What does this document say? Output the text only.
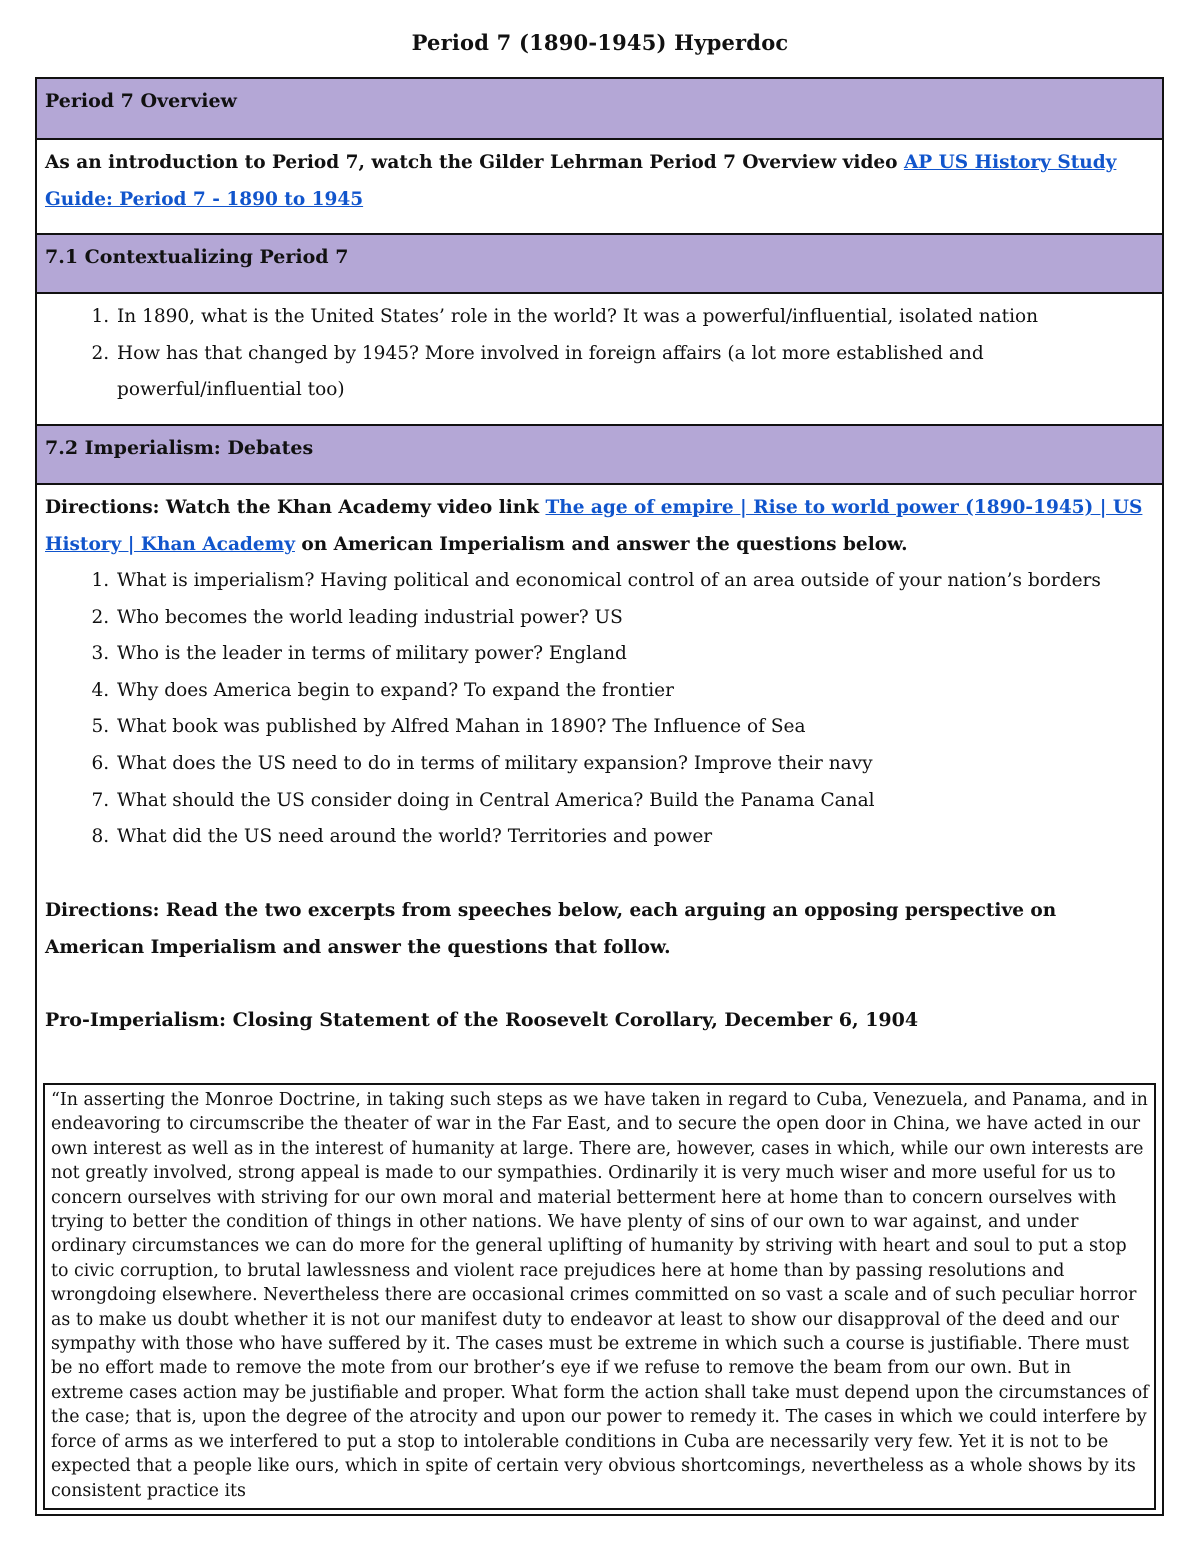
Period 7 (1890-1945) Hyperdoc
Period 7 Overview
As an introduction to Period 7, watch the Gilder Lehrman Period 7 Overview video AP US History Study Guide: Period 7 - 1890 to 1945
7.1 Contextualizing Period 7
1. In 1890, what is the United States’ role in the world? It was a powerful/influential, isolated nation
2. How has that changed by 1945? More involved in foreign affairs (a lot more established and powerful/influential too)
7.2 Imperialism: Debates
Directions: Watch the Khan Academy video link The age of empire | Rise to world power (1890-1945) | US History | Khan Academy on American Imperialism and answer the questions below.
1. What is imperialism? Having political and economical control of an area outside of your nation’s borders
2. Who becomes the world leading industrial power? US
3. Who is the leader in terms of military power? England
4. Why does America begin to expand? To expand the frontier
5. What book was published by Alfred Mahan in 1890? The Influence of Sea
6. What does the US need to do in terms of military expansion? Improve their navy
7. What should the US consider doing in Central America? Build the Panama Canal
8. What did the US need around the world? Territories and power
Directions: Read the two excerpts from speeches below, each arguing an opposing perspective on American Imperialism and answer the questions that follow.
Pro-Imperialism: Closing Statement of the Roosevelt Corollary, December 6, 1904
“In asserting the Monroe Doctrine, in taking such steps as we have taken in regard to Cuba, Venezuela, and Panama, and in endeavoring to circumscribe the theater of war in the Far East, and to secure the open door in China, we have acted in our own interest as well as in the interest of humanity at large. There are, however, cases in which, while our own interests are not greatly involved, strong appeal is made to our sympathies. Ordinarily it is very much wiser and more useful for us to concern ourselves with striving for our own moral and material betterment here at home than to concern ourselves with trying to better the condition of things in other nations. We have plenty of sins of our own to war against, and under ordinary circumstances we can do more for the general uplifting of humanity by striving with heart and soul to put a stop to civic corruption, to brutal lawlessness and violent race prejudices here at home than by passing resolutions and wrongdoing elsewhere. Nevertheless there are occasional crimes committed on so vast a scale and of such peculiar horror as to make us doubt whether it is not our manifest duty to endeavor at least to show our disapproval of the deed and our sympathy with those who have suffered by it. The cases must be extreme in which such a course is justifiable. There must be no effort made to remove the mote from our brother’s eye if we refuse to remove the beam from our own. But in extreme cases action may be justifiable and proper. What form the action shall take must depend upon the circumstances of the case; that is, upon the degree of the atrocity and upon our power to remedy it. The cases in which we could interfere by force of arms as we interfered to put a stop to intolerable conditions in Cuba are necessarily very few. Yet it is not to be expected that a people like ours, which in spite of certain very obvious shortcomings, nevertheless as a whole shows by its consistent practice its
